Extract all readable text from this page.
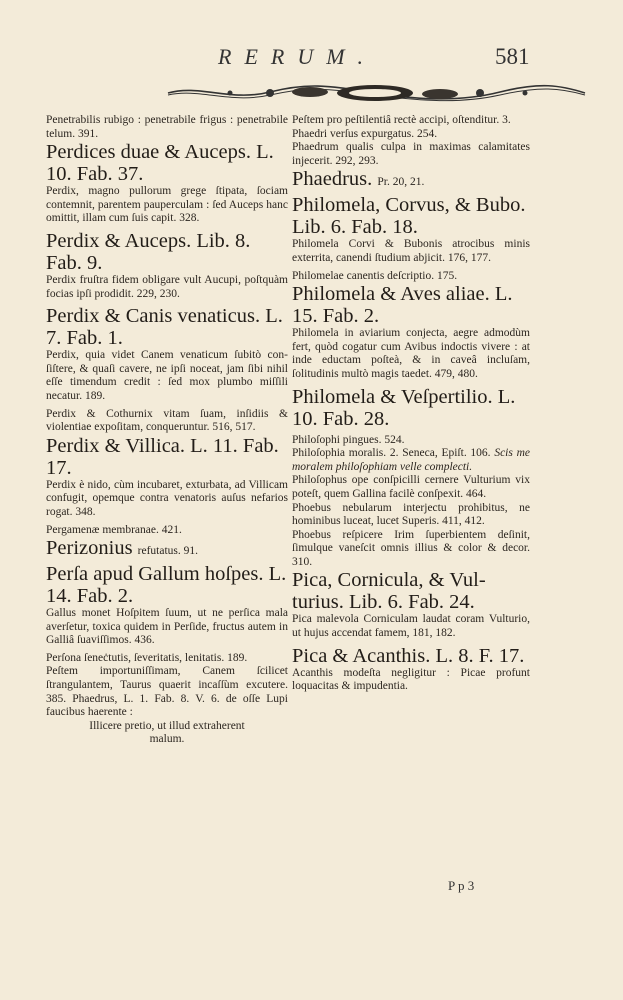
RERUM.	581

Penetrabilis rubigo : penetrabile frigus : penetrabile telum. 391.

Perdices duae & Auceps. L. 10. Fab. 37.

Perdix, magno pullorum grege ſtipata, ſociam contemnit, parentem pauperculam : ſed Auceps hanc omittit, illam cum ſuis capit. 328.

Perdix & Auceps. Lib. 8. Fab. 9.

Perdix fruſtra fidem obligare vult Aucupi, poſtquàm focias ipſi prodidit. 229, 230.

Perdix & Canis venaticus. L. 7. Fab. 1.

Perdix, quia videt Canem venaticum ſubitò conſiſtere, & quaſi cavere, ne ipſi noceat, jam ſibi nihil eſſe timendum credit : ſed mox plumbo miſſili necatur. 189.

Perdix & Cothurnix vitam ſuam, inſidiis & violentiae expoſitam, conqueruntur. 516, 517.

Perdix & Villica. L. 11. Fab. 17.

Perdix è nido, cùm incubaret, exturbata, ad Villicam confugit, opemque contra venatoris auſus nefarios rogat. 348.

Pergamenæ membranae. 421.

Perizonius refutatus. 91.

Perſa apud Gallum hoſpes. L. 14. Fab. 2.

Gallus monet Hoſpitem ſuum, ut ne perſica mala averſetur, toxica quidem in Perſide, fructus autem in Galliâ ſuaviſſimos. 436.

Perſona ſeneċtutis, ſeveritatis, lenitatis. 189.

Peſtem importuniſſimam, Canem ſcilicet ſtrangulantem, Taurus quaerit incaſſùm excutere. 385. Phaedrus, L. 1. Fab. 8. V. 6. de oſſe Lupi faucibus haerente :

Illicere pretio, ut illud extraherent malum.

Peſtem pro peſtilentiâ rectè accipi, oſtenditur. 3.

Phaedri verſus expurgatus. 254.

Phaedrum qualis culpa in maximas calamitates injecerit. 292, 293.

Phaedrus. Pr. 20, 21.

Philomela, Corvus, & Bubo. Lib. 6. Fab. 18.

Philomela Corvi & Bubonis atrocibus minis exterrita, canendi ſtudium abjicit. 176, 177.

Philomelae canentis deſcriptio. 175.

Philomela & Aves aliae. L. 15. Fab. 2.

Philomela in aviarium conjecta, aegre admodùm fert, quòd cogatur cum Avibus indoctis vivere : at inde eductam poſteà, & in caveâ incluſam, ſolitudinis multò magis taedet. 479, 480.

Philomela & Veſpertilio. L. 10. Fab. 28.

Philoſophi pingues. 524.

Philoſophia moralis. 2. Seneca, Epiſt. 106. Scis me moralem philoſophiam velle complecti.

Philoſophus ope conſpicilli cernere Vulturium vix poteſt, quem Gallina facilè conſpexit. 464.

Phoebus nebularum interjectu prohibitus, ne hominibus luceat, lucet Superis. 411, 412.

Phoebus reſpicere Irim ſuperbientem deſinit, ſimulque vaneſcit omnis illius & color & decor. 310.

Pica, Cornicula, & Vulturius. Lib. 6. Fab. 24.

Pica malevola Corniculam laudat coram Vulturio, ut hujus accendat famem, 181, 182.

Pica & Acanthis. L. 8. F. 17.

Acanthis modeſta negligitur : Picae profunt loquacitas & impudentia.

P p 3
